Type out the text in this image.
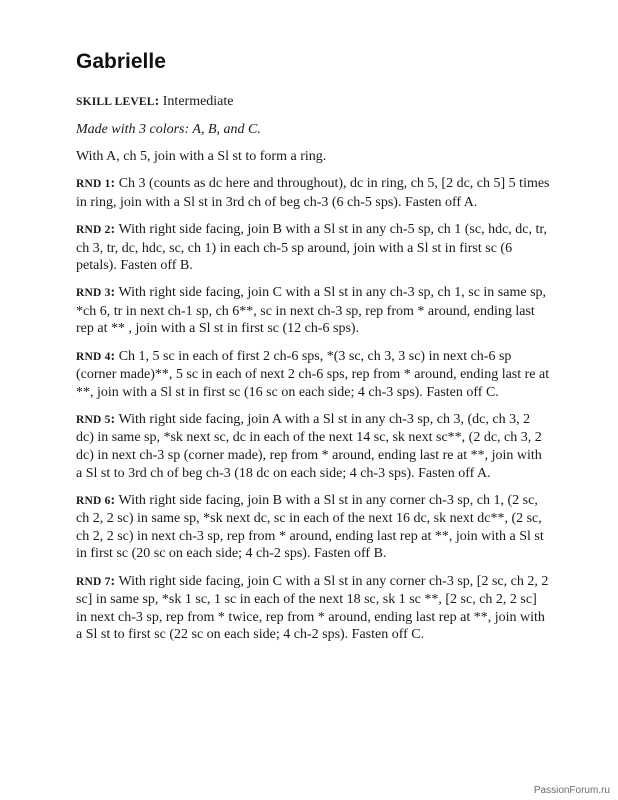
Gabrielle

SKILL LEVEL: Intermediate

Made with 3 colors: A, B, and C.

With A, ch 5, join with a Sl st to form a ring.

RND 1: Ch 3 (counts as dc here and throughout), dc in ring, ch 5, [2 dc, ch 5] 5 times in ring, join with a Sl st in 3rd ch of beg ch-3 (6 ch-5 sps). Fasten off A.

RND 2: With right side facing, join B with a Sl st in any ch-5 sp, ch 1 (sc, hdc, dc, tr, ch 3, tr, dc, hdc, sc, ch 1) in each ch-5 sp around, join with a Sl st in first sc (6 petals). Fasten off B.

RND 3: With right side facing, join C with a Sl st in any ch-3 sp, ch 1, sc in same sp, *ch 6, tr in next ch-1 sp, ch 6**, sc in next ch-3 sp, rep from * around, ending last rep at ** , join with a Sl st in first sc (12 ch-6 sps).

RND 4: Ch 1, 5 sc in each of first 2 ch-6 sps, *(3 sc, ch 3, 3 sc) in next ch-6 sp (corner made)**, 5 sc in each of next 2 ch-6 sps, rep from * around, ending last re at **, join with a Sl st in first sc (16 sc on each side; 4 ch-3 sps). Fasten off C.

RND 5: With right side facing, join A with a Sl st in any ch-3 sp, ch 3, (dc, ch 3, 2 dc) in same sp, *sk next sc, dc in each of the next 14 sc, sk next sc**, (2 dc, ch 3, 2 dc) in next ch-3 sp (corner made), rep from * around, ending last re at **, join with a Sl st to 3rd ch of beg ch-3 (18 dc on each side; 4 ch-3 sps). Fasten off A.

RND 6: With right side facing, join B with a Sl st in any corner ch-3 sp, ch 1, (2 sc, ch 2, 2 sc) in same sp, *sk next dc, sc in each of the next 16 dc, sk next dc**, (2 sc, ch 2, 2 sc) in next ch-3 sp, rep from * around, ending last rep at **, join with a Sl st in first sc (20 sc on each side; 4 ch-2 sps). Fasten off B.

RND 7: With right side facing, join C with a Sl st in any corner ch-3 sp, [2 sc, ch 2, 2 sc] in same sp, *sk 1 sc, 1 sc in each of the next 18 sc, sk 1 sc **, [2 sc, ch 2, 2 sc] in next ch-3 sp, rep from * twice, rep from * around, ending last rep at **, join with a Sl st to first sc (22 sc on each side; 4 ch-2 sps). Fasten off C.

PassionForum.ru
